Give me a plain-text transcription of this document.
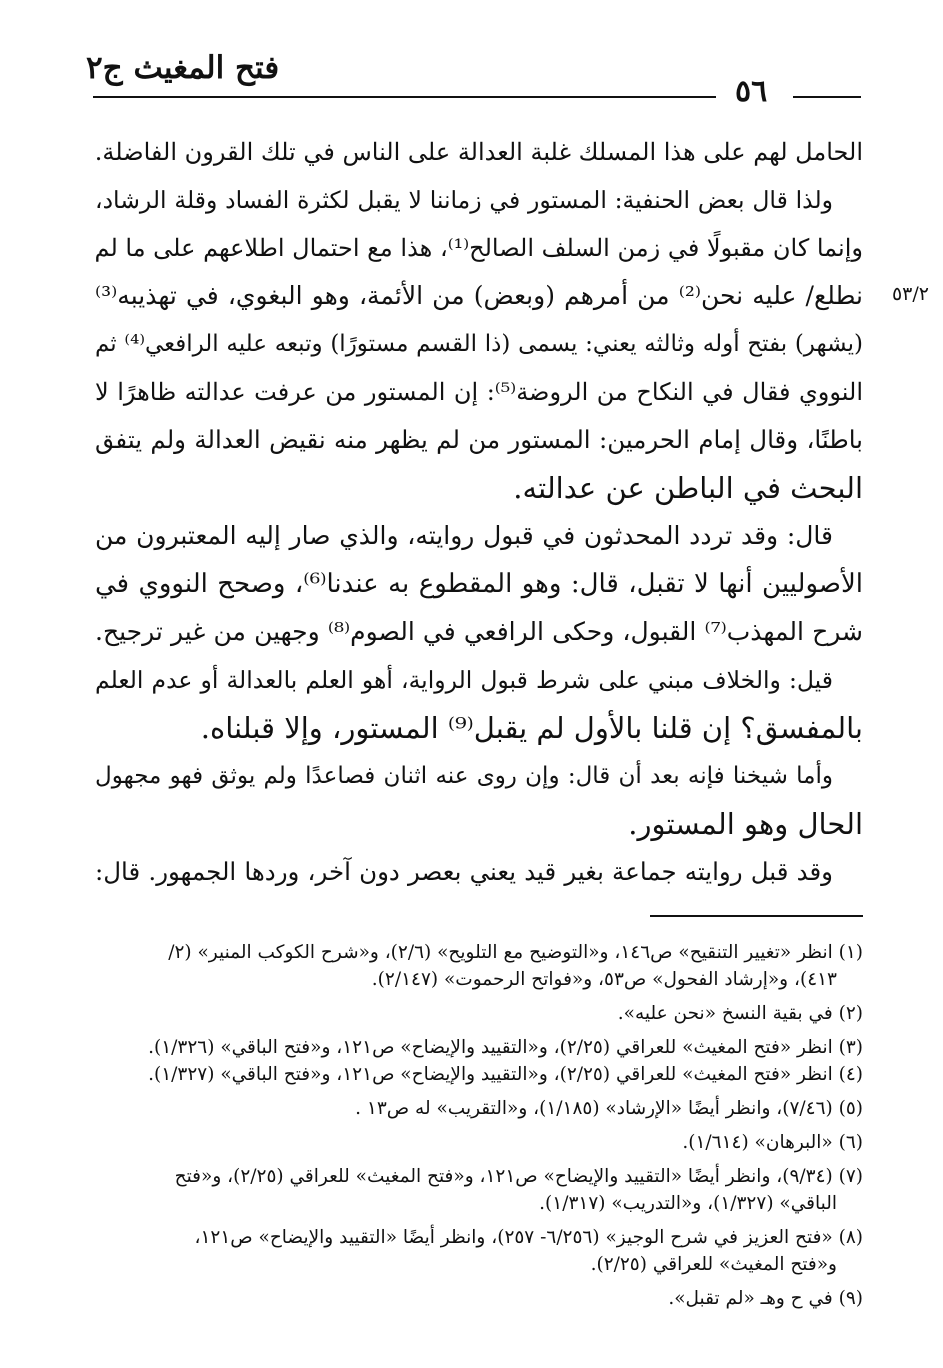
فتح المغيث ج٢
٥٦
٥٣/٢
الحامل لهم على هذا المسلك غلبة العدالة على الناس في تلك القرون الفاضلة.
ولذا قال بعض الحنفية: المستور في زماننا لا يقبل لكثرة الفساد وقلة الرشاد،
وإنما كان مقبولًا في زمن السلف الصالح⁽¹⁾، هذا مع احتمال اطلاعهم على ما لم
نطلع/ عليه نحن⁽²⁾ من أمرهم (وبعض) من الأئمة، وهو البغوي، في تهذيبه⁽³⁾
(يشهر) بفتح أوله وثالثه يعني: يسمى (ذا القسم مستورًا) وتبعه عليه الرافعي⁽⁴⁾ ثم
النووي فقال في النكاح من الروضة⁽⁵⁾: إن المستور من عرفت عدالته ظاهرًا لا
باطنًا، وقال إمام الحرمين: المستور من لم يظهر منه نقيض العدالة ولم يتفق
البحث في الباطن عن عدالته.
قال: وقد تردد المحدثون في قبول روايته، والذي صار إليه المعتبرون من
الأصوليين أنها لا تقبل، قال: وهو المقطوع به عندنا⁽⁶⁾، وصحح النووي في
شرح المهذب⁽⁷⁾ القبول، وحكى الرافعي في الصوم⁽⁸⁾ وجهين من غير ترجيح.
قيل: والخلاف مبني على شرط قبول الرواية، أهو العلم بالعدالة أو عدم العلم
بالمفسق؟ إن قلنا بالأول لم يقبل⁽⁹⁾ المستور، وإلا قبلناه.
وأما شيخنا فإنه بعد أن قال: وإن روى عنه اثنان فصاعدًا ولم يوثق فهو مجهول
الحال وهو المستور.
وقد قبل روايته جماعة بغير قيد يعني بعصر دون آخر، وردها الجمهور. قال:
(١) انظر «تغيير التنقيح» ص١٤٦، و«التوضيح مع التلويح» (٢/٦)، و«شرح الكوكب المنير» (٢/
٤١٣)، و«إرشاد الفحول» ص٥٣، و«فواتح الرحموت» (٢/١٤٧).
(٢) في بقية النسخ «نحن عليه».
(٣) انظر «فتح المغيث» للعراقي (٢/٢٥)، و«التقييد والإيضاح» ص١٢١، و«فتح الباقي» (١/٣٢٦).
(٤) انظر «فتح المغيث» للعراقي (٢/٢٥)، و«التقييد والإيضاح» ص١٢١، و«فتح الباقي» (١/٣٢٧).
(٥) (٧/٤٦)، وانظر أيضًا «الإرشاد» (١/١٨٥)، و«التقريب» له ص١٣ .
(٦) «البرهان» (١/٦١٤).
(٧) (٩/٣٤)، وانظر أيضًا «التقييد والإيضاح» ص١٢١، و«فتح المغيث» للعراقي (٢/٢٥)، و«فتح
الباقي» (١/٣٢٧)، و«التدريب» (١/٣١٧).
(٨) «فتح العزيز في شرح الوجيز» (٦/٢٥٦- ٢٥٧)، وانظر أيضًا «التقييد والإيضاح» ص١٢١،
و«فتح المغيث» للعراقي (٢/٢٥).
(٩) في ح وهـ «لم تقبل».
